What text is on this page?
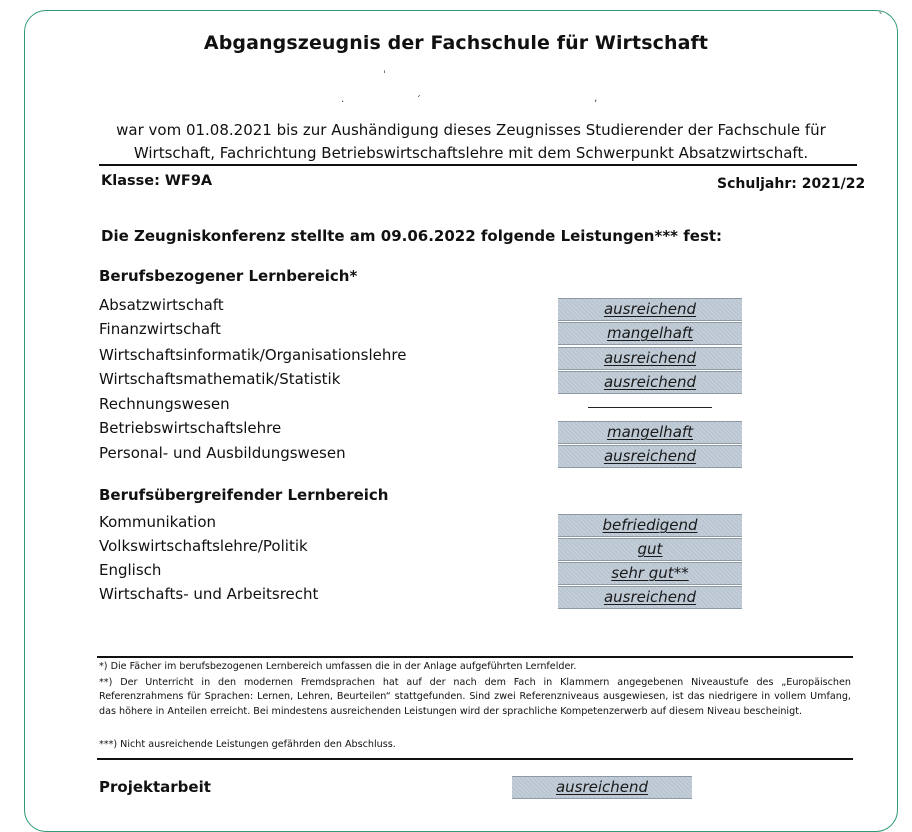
ˎ
Abgangszeugnis der Fachschule für Wirtschaft
ˈ
·	ˊ	ʼ
war vom 01.08.2021 bis zur Aushändigung dieses Zeugnisses Studierender der Fachschule für
Wirtschaft, Fachrichtung Betriebswirtschaftslehre mit dem Schwerpunkt Absatzwirtschaft.
Klasse: WF9A	Schuljahr: 2021/22
Die Zeugniskonferenz stellte am 09.06.2022 folgende Leistungen*** fest:
Berufsbezogener Lernbereich*
Absatzwirtschaft	ausreichend
Finanzwirtschaft	mangelhaft
Wirtschaftsinformatik/Organisationslehre	ausreichend
Wirtschaftsmathematik/Statistik	ausreichend
Rechnungswesen
Betriebswirtschaftslehre	mangelhaft
Personal- und Ausbildungswesen	ausreichend
Berufsübergreifender Lernbereich
Kommunikation	befriedigend
Volkswirtschaftslehre/Politik	gut
Englisch	sehr gut**
Wirtschafts- und Arbeitsrecht	ausreichend
*) Die Fächer im berufsbezogenen Lernbereich umfassen die in der Anlage aufgeführten Lernfelder.
**) Der Unterricht in den modernen Fremdsprachen hat auf der nach dem Fach in Klammern angegebenen Niveaustufe des „Europäischen Referenzrahmens für Sprachen: Lernen, Lehren, Beurteilen“ stattgefunden. Sind zwei Referenzniveaus ausgewiesen, ist das niedrigere in vollem Umfang, das höhere in Anteilen erreicht. Bei mindestens ausreichenden Leistungen wird der sprachliche Kompetenzerwerb auf diesem Niveau bescheinigt.
***) Nicht ausreichende Leistungen gefährden den Abschluss.
Projektarbeit	ausreichend
